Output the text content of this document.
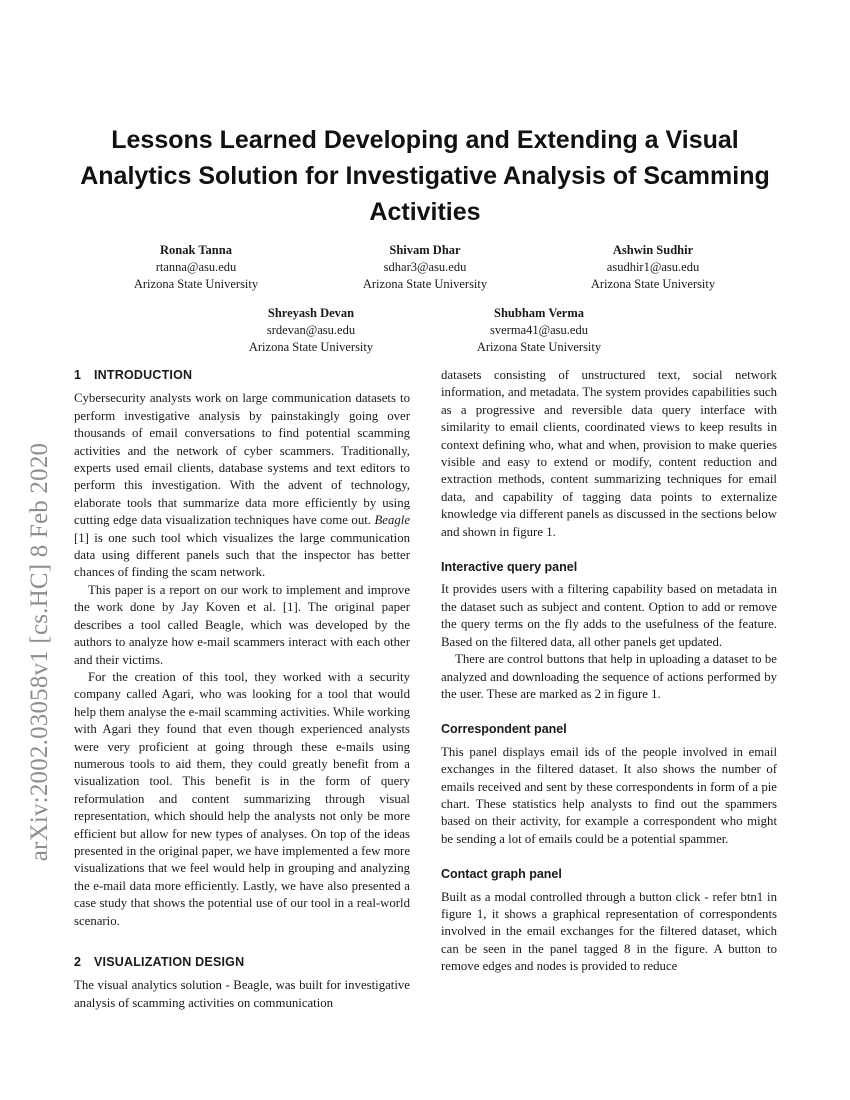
arXiv:2002.03058v1 [cs.HC] 8 Feb 2020
Lessons Learned Developing and Extending a Visual Analytics Solution for Investigative Analysis of Scamming Activities
Ronak Tanna
rtanna@asu.edu
Arizona State University
Shivam Dhar
sdhar3@asu.edu
Arizona State University
Ashwin Sudhir
asudhir1@asu.edu
Arizona State University
Shreyash Devan
srdevan@asu.edu
Arizona State University
Shubham Verma
sverma41@asu.edu
Arizona State University
1 INTRODUCTION

Cybersecurity analysts work on large communication datasets to perform investigative analysis by painstakingly going over thousands of email conversations to find potential scamming activities and the network of cyber scammers. Traditionally, experts used email clients, database systems and text editors to perform this investigation. With the advent of technology, elaborate tools that summarize data more efficiently by using cutting edge data visualization techniques have come out. Beagle [1] is one such tool which visualizes the large communication data using different panels such that the inspector has better chances of finding the scam network.

This paper is a report on our work to implement and improve the work done by Jay Koven et al. [1]. The original paper describes a tool called Beagle, which was developed by the authors to analyze how e-mail scammers interact with each other and their victims.

For the creation of this tool, they worked with a security company called Agari, who was looking for a tool that would help them analyse the e-mail scamming activities. While working with Agari they found that even though experienced analysts were very proficient at going through these e-mails using numerous tools to aid them, they could greatly benefit from a visualization tool. This benefit is in the form of query reformulation and content summarizing through visual representation, which should help the analysts not only be more efficient but allow for new types of analyses. On top of the ideas presented in the original paper, we have implemented a few more visualizations that we feel would help in grouping and analyzing the e-mail data more efficiently. Lastly, we have also presented a case study that shows the potential use of our tool in a real-world scenario.

2 VISUALIZATION DESIGN

The visual analytics solution - Beagle, was built for investigative analysis of scamming activities on communication

datasets consisting of unstructured text, social network information, and metadata. The system provides capabilities such as a progressive and reversible data query interface with similarity to email clients, coordinated views to keep results in context defining who, what and when, provision to make queries visible and easy to extend or modify, content reduction and extraction methods, content summarizing techniques for email data, and capability of tagging data points to externalize knowledge via different panels as discussed in the sections below and shown in figure 1.

Interactive query panel

It provides users with a filtering capability based on metadata in the dataset such as subject and content. Option to add or remove the query terms on the fly adds to the usefulness of the feature. Based on the filtered data, all other panels get updated.

There are control buttons that help in uploading a dataset to be analyzed and downloading the sequence of actions performed by the user. These are marked as 2 in figure 1.

Correspondent panel

This panel displays email ids of the people involved in email exchanges in the filtered dataset. It also shows the number of emails received and sent by these correspondents in form of a pie chart. These statistics help analysts to find out the spammers based on their activity, for example a correspondent who might be sending a lot of emails could be a potential spammer.

Contact graph panel

Built as a modal controlled through a button click - refer btn1 in figure 1, it shows a graphical representation of correspondents involved in the email exchanges for the filtered dataset, which can be seen in the panel tagged 8 in the figure. A button to remove edges and nodes is provided to reduce
